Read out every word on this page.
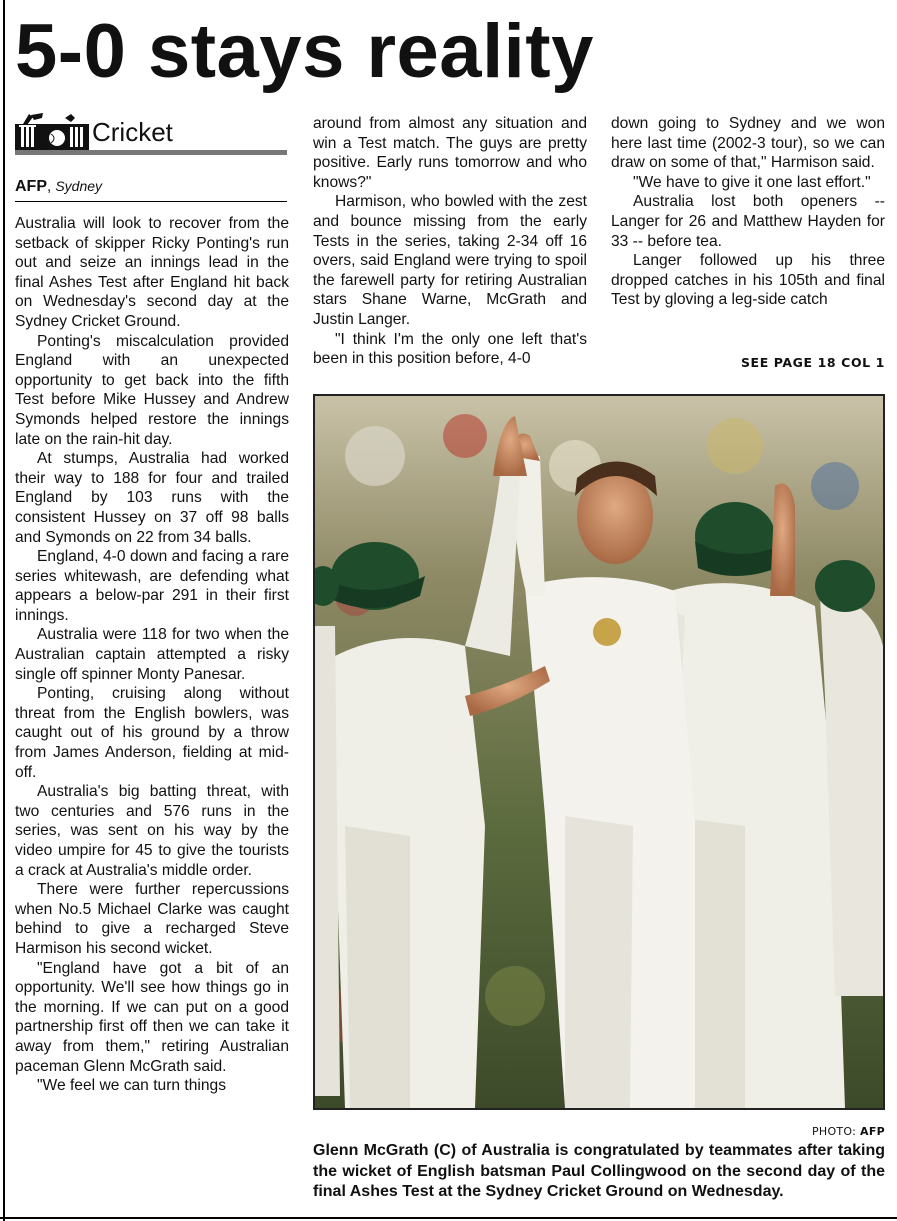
5-0 stays reality
Cricket
AFP, Sydney

Australia will look to recover from the setback of skipper Ricky Ponting's run out and seize an innings lead in the final Ashes Test after England hit back on Wednesday's second day at the Sydney Cricket Ground.

Ponting's miscalculation provided England with an unexpected opportunity to get back into the fifth Test before Mike Hussey and Andrew Symonds helped restore the innings late on the rain-hit day.

At stumps, Australia had worked their way to 188 for four and trailed England by 103 runs with the consistent Hussey on 37 off 98 balls and Symonds on 22 from 34 balls.

England, 4-0 down and facing a rare series whitewash, are defending what appears a below-par 291 in their first innings.

Australia were 118 for two when the Australian captain attempted a risky single off spinner Monty Panesar.

Ponting, cruising along without threat from the English bowlers, was caught out of his ground by a throw from James Anderson, fielding at mid-off.

Australia's big batting threat, with two centuries and 576 runs in the series, was sent on his way by the video umpire for 45 to give the tourists a crack at Australia's middle order.

There were further repercussions when No.5 Michael Clarke was caught behind to give a recharged Steve Harmison his second wicket.

"England have got a bit of an opportunity. We'll see how things go in the morning. If we can put on a good partnership first off then we can take it away from them," retiring Australian paceman Glenn McGrath said.

"We feel we can turn things

around from almost any situation and win a Test match. The guys are pretty positive. Early runs tomorrow and who knows?"

Harmison, who bowled with the zest and bounce missing from the early Tests in the series, taking 2-34 off 16 overs, said England were trying to spoil the farewell party for retiring Australian stars Shane Warne, McGrath and Justin Langer.

"I think I'm the only one left that's been in this position before, 4-0

down going to Sydney and we won here last time (2002-3 tour), so we can draw on some of that," Harmison said.

"We have to give it one last effort."

Australia lost both openers -- Langer for 26 and Matthew Hayden for 33 -- before tea.

Langer followed up his three dropped catches in his 105th and final Test by gloving a leg-side catch

SEE PAGE 18 COL 1
PHOTO: AFP

Glenn McGrath (C) of Australia is congratulated by teammates after taking the wicket of English batsman Paul Collingwood on the second day of the final Ashes Test at the Sydney Cricket Ground on Wednesday.
